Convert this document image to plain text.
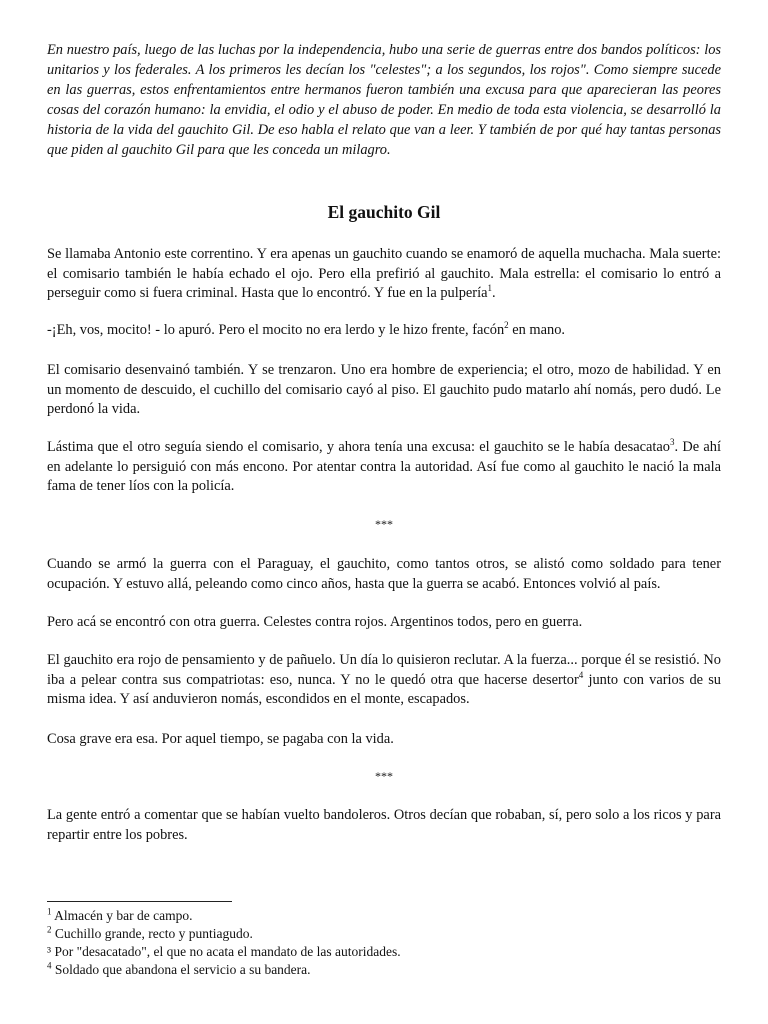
En nuestro país, luego de las luchas por la independencia, hubo una serie de guerras entre dos bandos políticos: los unitarios y los federales. A los primeros les decían los "celestes"; a los segundos, los rojos". Como siempre sucede en las guerras, estos enfrentamientos entre hermanos fueron también una excusa para que aparecieran las peores cosas del corazón humano: la envidia, el odio y el abuso de poder. En medio de toda esta violencia, se desarrolló la historia de la vida del gauchito Gil. De eso habla el relato que van a leer. Y también de por qué hay tantas personas que piden al gauchito Gil para que les conceda un milagro.

El gauchito Gil

Se llamaba Antonio este correntino. Y era apenas un gauchito cuando se enamoró de aquella muchacha. Mala suerte: el comisario también le había echado el ojo. Pero ella prefirió al gauchito. Mala estrella: el comisario lo entró a perseguir como si fuera criminal. Hasta que lo encontró. Y fue en la pulpería$^1$.

-¡Eh, vos, mocito! - lo apuró. Pero el mocito no era lerdo y le hizo frente, facón$^2$ en mano.

El comisario desenvainó también. Y se trenzaron. Uno era hombre de experiencia; el otro, mozo de habilidad. Y en un momento de descuido, el cuchillo del comisario cayó al piso. El gauchito pudo matarlo ahí nomás, pero dudó. Le perdonó la vida.

Lástima que el otro seguía siendo el comisario, y ahora tenía una excusa: el gauchito se le había desacatao$^3$. De ahí en adelante lo persiguió con más encono. Por atentar contra la autoridad. Así fue como al gauchito le nació la mala fama de tener líos con la policía.

***

Cuando se armó la guerra con el Paraguay, el gauchito, como tantos otros, se alistó como soldado para tener ocupación. Y estuvo allá, peleando como cinco años, hasta que la guerra se acabó. Entonces volvió al país.

Pero acá se encontró con otra guerra. Celestes contra rojos. Argentinos todos, pero en guerra.

El gauchito era rojo de pensamiento y de pañuelo. Un día lo quisieron reclutar. A la fuerza... porque él se resistió. No iba a pelear contra sus compatriotas: eso, nunca. Y no le quedó otra que hacerse desertor$^4$ junto con varios de su misma idea. Y así anduvieron nomás, escondidos en el monte, escapados.

Cosa grave era esa. Por aquel tiempo, se pagaba con la vida.

***

La gente entró a comentar que se habían vuelto bandoleros. Otros decían que robaban, sí, pero solo a los ricos y para repartir entre los pobres.

$^1$ Almacén y bar de campo.

$^2$ Cuchillo grande, recto y puntiagudo.

³ Por "desacatado", el que no acata el mandato de las autoridades.

$^4$ Soldado que abandona el servicio a su bandera.
